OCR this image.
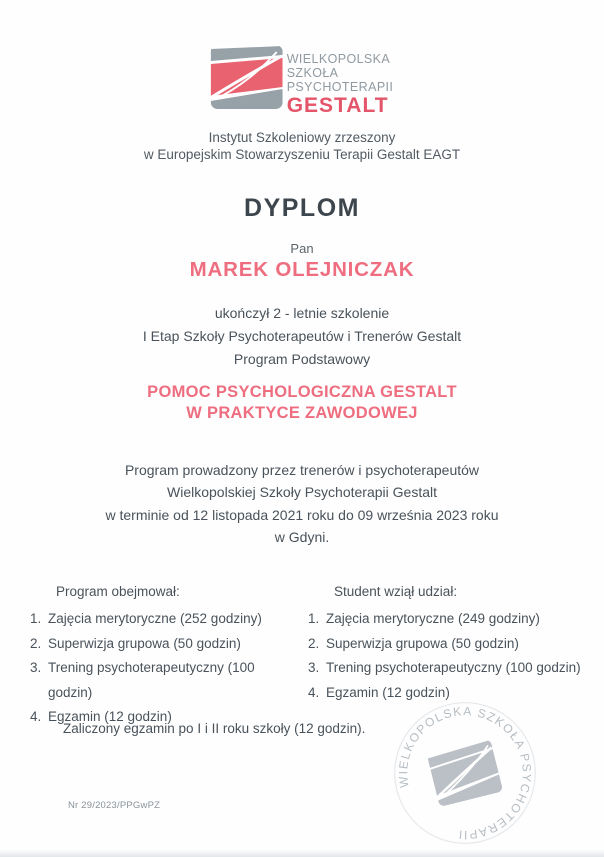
WIELKOPOLSKA
SZKOŁA
PSYCHOTERAPII
GESTALT
Instytut Szkoleniowy zrzeszony
w Europejskim Stowarzyszeniu Terapii Gestalt EAGT
DYPLOM
Pan
MAREK OLEJNICZAK
ukończył 2 - letnie szkolenie
I Etap Szkoły Psychoterapeutów i Trenerów Gestalt
Program Podstawowy
POMOC PSYCHOLOGICZNA GESTALT
W PRAKTYCE ZAWODOWEJ
Program prowadzony przez trenerów i psychoterapeutów
Wielkopolskiej Szkoły Psychoterapii Gestalt
w terminie od 12 listopada 2021 roku do 09 września 2023 roku
w Gdyni.
Program obejmował:
1. Zajęcia merytoryczne (252 godziny)
2. Superwizja grupowa (50 godzin)
3. Trening psychoterapeutyczny (100 godzin)
4. Egzamin (12 godzin)
Student wziął udział:
1. Zajęcia merytoryczne (249 godziny)
2. Superwizja grupowa (50 godzin)
3. Trening psychoterapeutyczny (100 godzin)
4. Egzamin (12 godzin)
Zaliczony egzamin po I i II roku szkoły (12 godzin).
WIELKOPOLSKA SZKOŁA PSYCHOTERAPII
Nr 29/2023/PPGwPZ
